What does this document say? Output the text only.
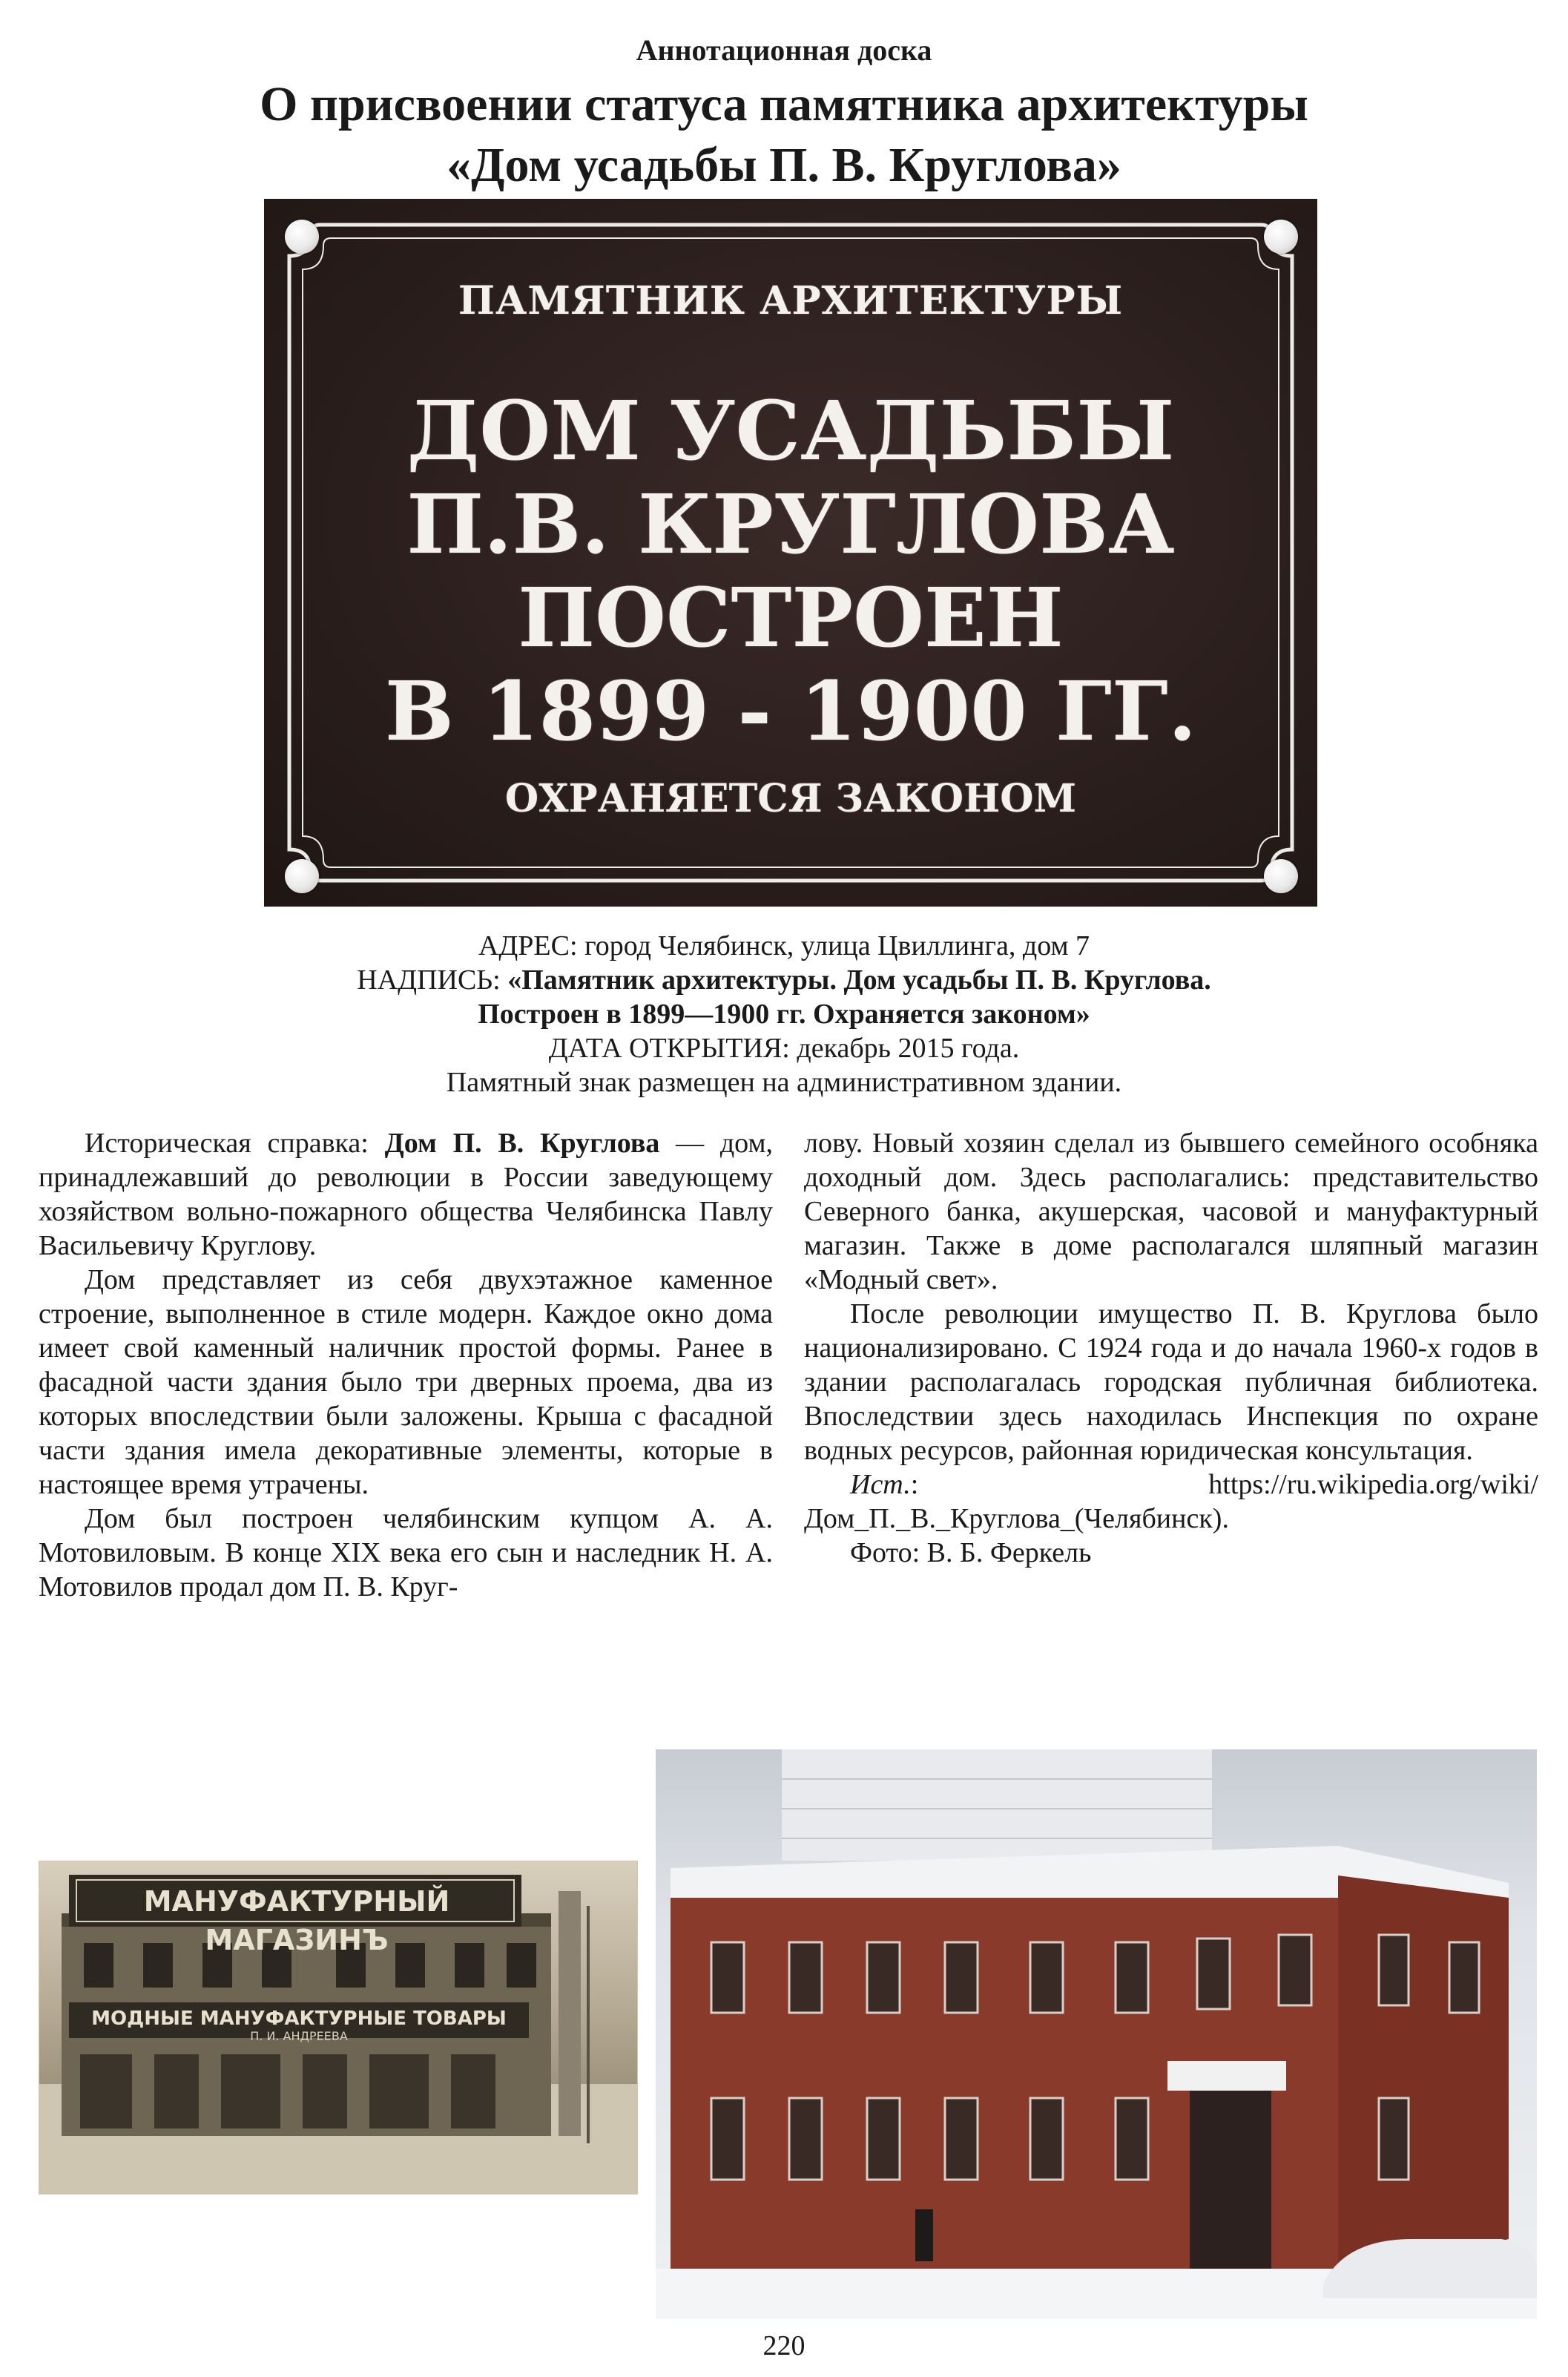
Аннотационная доска
О присвоении статуса памятника архитектуры
«Дом усадьбы П. В. Круглова»
ПАМЯТНИК АРХИТЕКТУРЫ
ДОМ УСАДЬБЫ
П.В. КРУГЛОВА
ПОСТРОЕН
В 1899 - 1900 ГГ.
ОХРАНЯЕТСЯ ЗАКОНОМ
АДРЕС: город Челябинск, улица Цвиллинга, дом 7
НАДПИСЬ: «Памятник архитектуры. Дом усадьбы П. В. Круглова.
Построен в 1899—1900 гг. Охраняется законом»
ДАТА ОТКРЫТИЯ: декабрь 2015 года.
Памятный знак размещен на административном здании.

Историческая справка: Дом П. В. Круглова — дом, принадлежавший до революции в России заведующему хозяйством вольно-пожарного общества Челябинска Павлу Васильевичу Круглову.

Дом представляет из себя двухэтажное каменное строение, выполненное в стиле модерн. Каждое окно дома имеет свой каменный наличник простой формы. Ранее в фасадной части здания было три дверных проема, два из которых впоследствии были заложены. Крыша с фасадной части здания имела декоративные элементы, которые в настоящее время утрачены.

Дом был построен челябинским купцом А. А. Мотовиловым. В конце XIX века его сын и наследник Н. А. Мотовилов продал дом П. В. Круг-

лову. Новый хозяин сделал из бывшего семейного особняка доходный дом. Здесь располагались: представительство Северного банка, акушерская, часовой и мануфактурный магазин. Также в доме располагался шляпный магазин «Модный свет».

После революции имущество П. В. Круглова было национализировано. С 1924 года и до начала 1960-х годов в здании располагалась городская публичная библиотека. Впоследствии здесь находилась Инспекция по охране водных ресурсов, районная юридическая консультация.

Ист.: https://ru.wikipedia.org/wiki/Дом_П._В._Круглова_(Челябинск).

Фото: В. Б. Феркель

МАНУФАКТУРНЫЙ МАГАЗИНЪ
МОДНЫЕ МАНУФАКТУРНЫЕ ТОВАРЫ
П. И. АНДРЕЕВА
220
